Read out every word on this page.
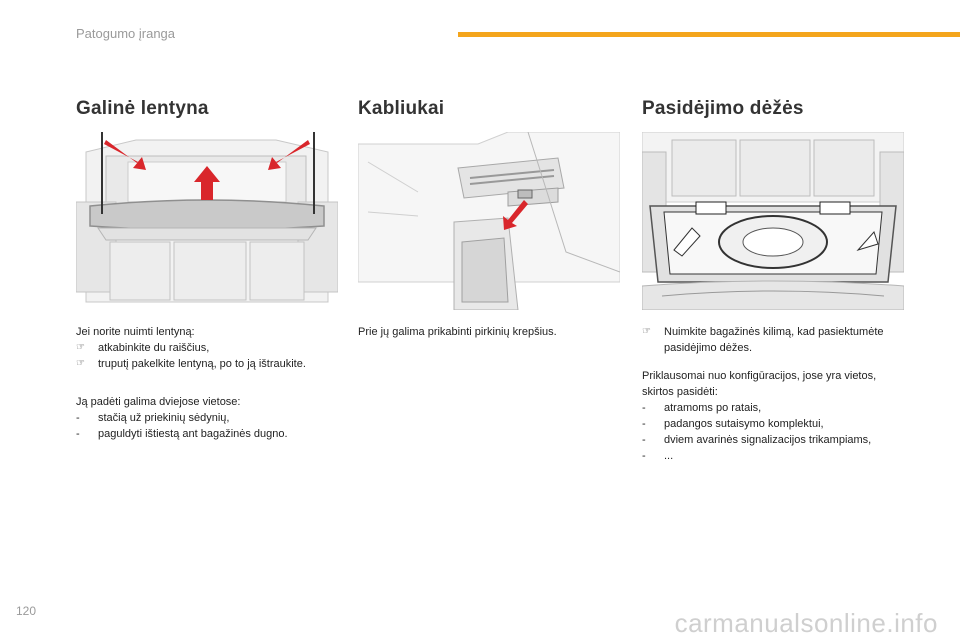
Patogumo įranga
Galinė lentyna

Jei norite nuimti lentyną:

☞	atkabinkite du raiščius,
☞	truputį pakelkite lentyną, po to ją ištraukite.

Ją padėti galima dviejose vietose:

-	stačią už priekinių sėdynių,
-	paguldyti ištiestą ant bagažinės dugno.
Kabliukai

Prie jų galima prikabinti pirkinių krepšius.

Pasidėjimo dėžės
☞	Nuimkite bagažinės kilimą, kad pasiektumėte pasidėjimo dėžes.

Priklausomai nuo konfigūracijos, jose yra vietos, skirtos pasidėti:

-	atramoms po ratais,
-	padangos sutaisymo komplektui,
-	dviem avarinės signalizacijos trikampiams,
-	...
120	carmanualsonline.info
